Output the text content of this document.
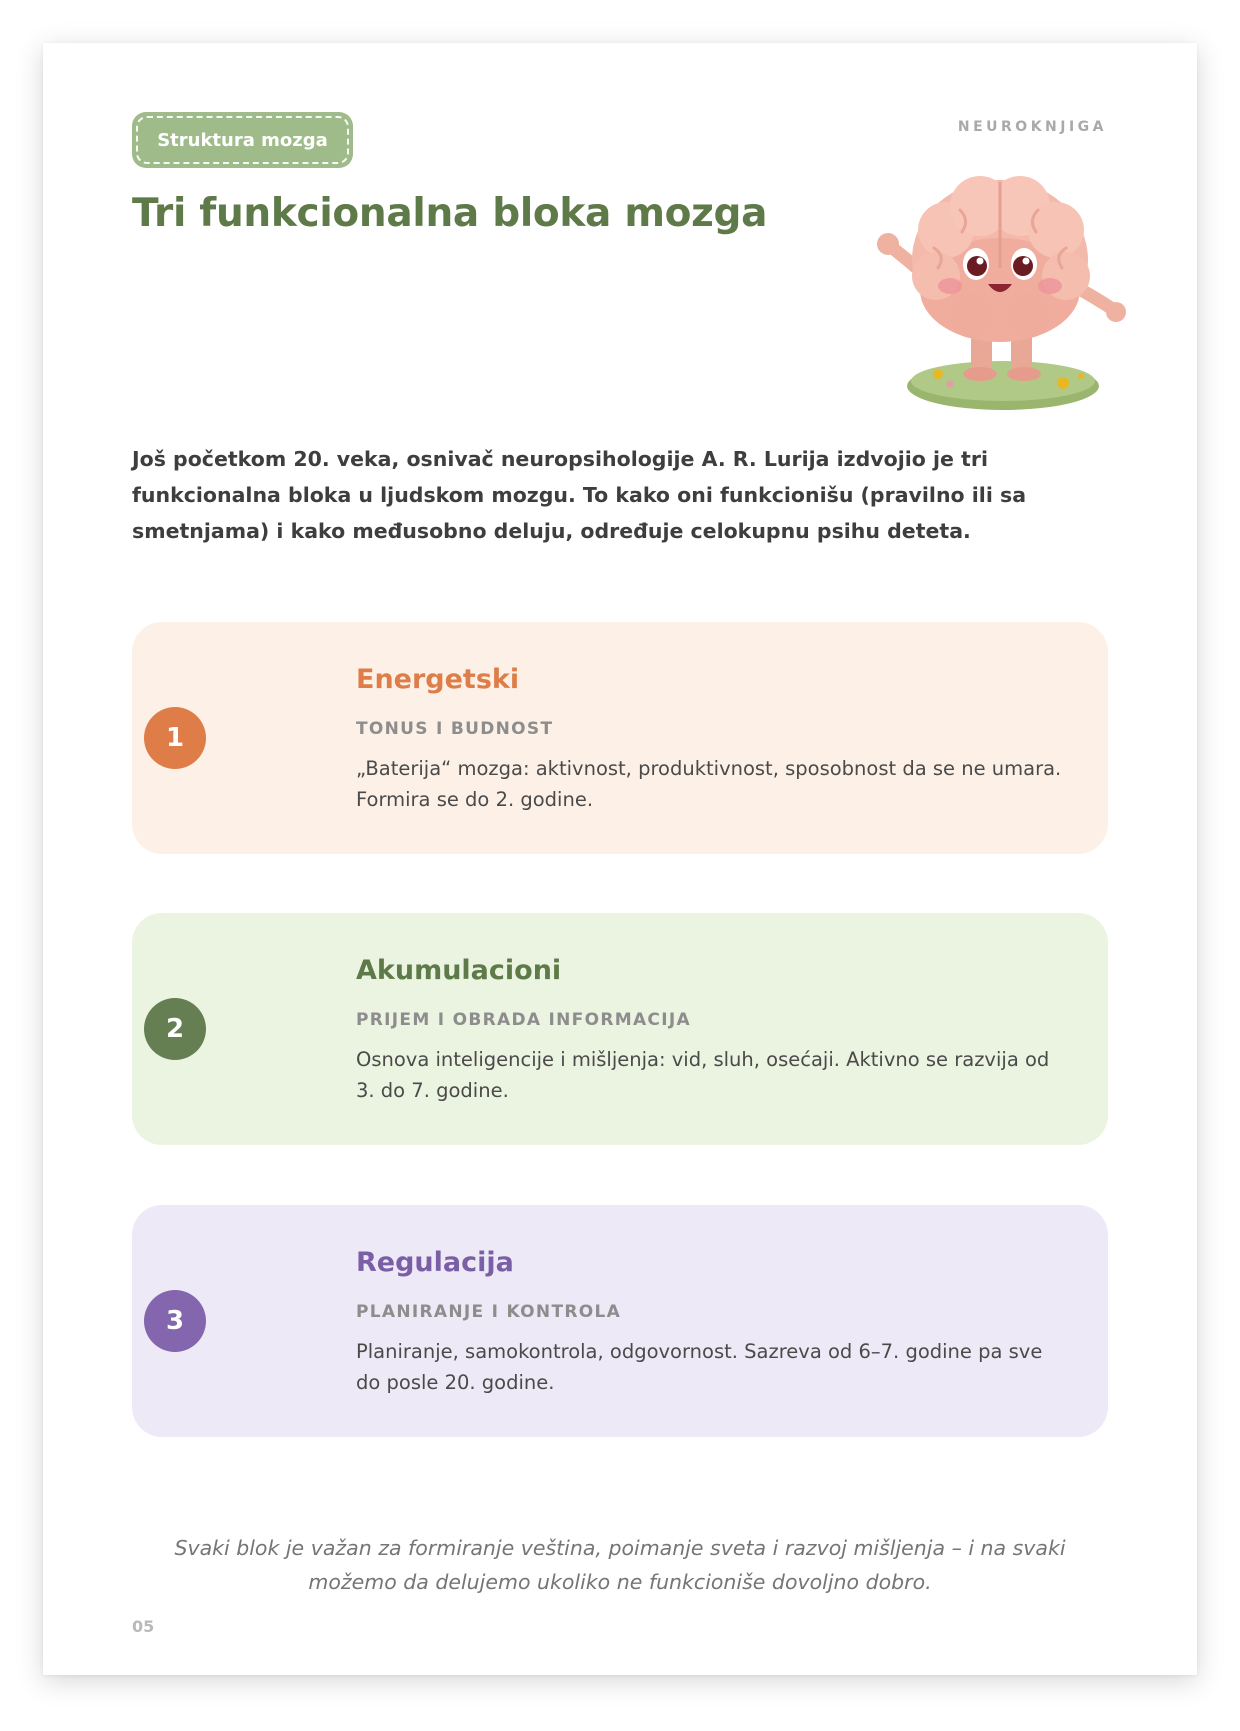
Struktura mozga
NEUROKNJIGA
Tri funkcionalna bloka mozga

Još početkom 20. veka, osnivač neuropsihologije A. R. Lurija izdvojio je tri funkcionalna bloka u ljudskom mozgu. To kako oni funkcionišu (pravilno ili sa smetnjama) i kako međusobno deluju, određuje celokupnu psihu deteta.

1
Energetski

TONUS I BUDNOST

„Baterija“ mozga: aktivnost, produktivnost, sposobnost da se ne umara. Formira se do 2. godine.

2
Akumulacioni

PRIJEM I OBRADA INFORMACIJA

Osnova inteligencije i mišljenja: vid, sluh, osećaji. Aktivno se razvija od 3. do 7. godine.

3
Regulacija

PLANIRANJE I KONTROLA

Planiranje, samokontrola, odgovornost. Sazreva od 6–7. godine pa sve do posle 20. godine.

Svaki blok je važan za formiranje veština, poimanje sveta i razvoj mišljenja – i na svaki možemo da delujemo ukoliko ne funkcioniše dovoljno dobro.

05
